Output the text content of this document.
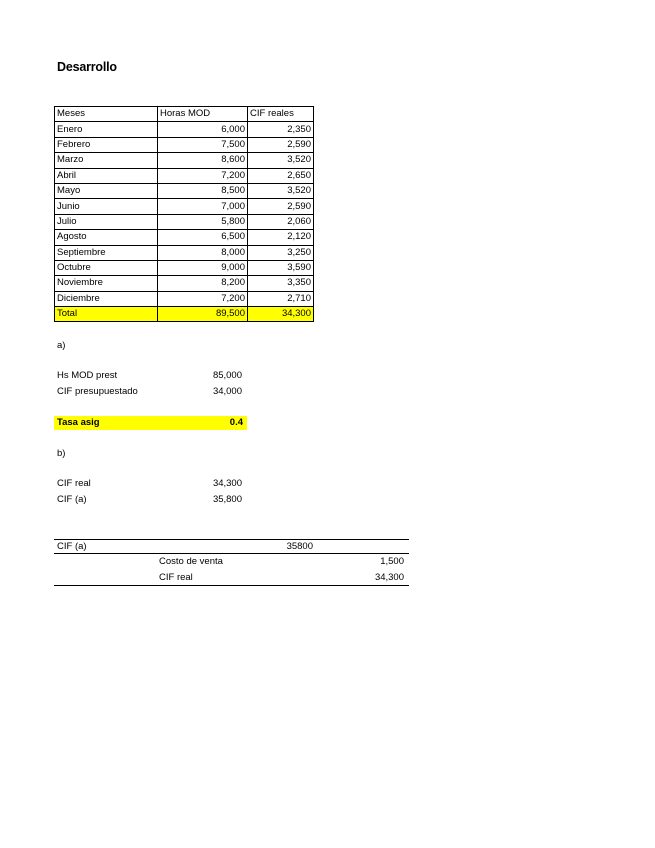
Desarrollo
Meses	Horas MOD	CIF reales
Enero	6,000	2,350
Febrero	7,500	2,590
Marzo	8,600	3,520
Abril	7,200	2,650
Mayo	8,500	3,520
Junio	7,000	2,590
Julio	5,800	2,060
Agosto	6,500	2,120
Septiembre	8,000	3,250
Octubre	9,000	3,590
Noviembre	8,200	3,350
Diciembre	7,200	2,710
Total	89,500	34,300
a)
Hs MOD prest	85,000
CIF presupuestado	34,000
Tasa asig	0.4
b)
CIF real	34,300
CIF (a)	35,800
CIF (a)	35800
Costo de venta	1,500
CIF real	34,300
